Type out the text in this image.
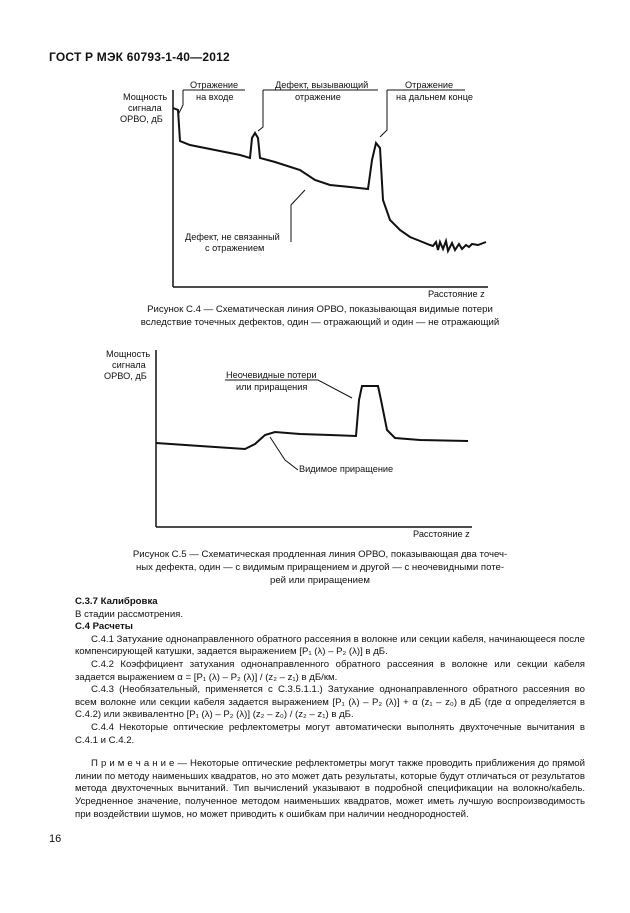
ГОСТ Р МЭК 60793-1-40—2012
Мощность
сигнала
ОРВО, дБ
Отражение
на входе
Дефект, вызывающий
отражение
Отражение
на дальнем конце
Дефект, не связанный
с отражением
Расстояние z
Мощность
сигнала
ОРВО, дБ	Неочевидные потери
или приращения
Видимое приращение
Расстояние z
Рисунок С.4 — Схематическая линия ОРВО, показывающая видимые потери
вследствие точечных дефектов, один — отражающий и один — не отражающий
Рисунок С.5 — Схематическая продленная линия ОРВО, показывающая два точеч-
ных дефекта, один — с видимым приращением и другой — с неочевидными поте-
рей или приращением

С.3.7 Калибровка

В стадии рассмотрения.

С.4 Расчеты

С.4.1 Затухание однонаправленного обратного рассеяния в волокне или секции кабеля, начинающееся после компенсирующей катушки, задается выражением [P₁ (λ) – P₂ (λ)] в дБ.

С.4.2 Коэффициент затухания однонаправленного обратного рассеяния в волокне или секции кабеля задается выражением α = [P₁ (λ) – P₂ (λ)] / (z₂ – z₁) в дБ/км.

С.4.3 (Необязательный, применяется с С.3.5.1.1.) Затухание однонаправленного обратного рассеяния во всем волокне или секции кабеля задается выражением [P₁ (λ) – P₂ (λ)] + α (z₁ – z₀) в дБ (где α определяется в С.4.2) или эквивалентно [P₁ (λ) – P₂ (λ)] (z₂ – z₀) / (z₂ – z₁) в дБ.

С.4.4 Некоторые оптические рефлектометры могут автоматически выполнять двухточечные вычитания в С.4.1 и С.4.2.

П р и м е ч а н и е — Некоторые оптические рефлектометры могут также проводить приближения до прямой линии по методу наименьших квадратов, но это может дать результаты, которые будут отличаться от результатов метода двухточечных вычитаний. Тип вычислений указывают в подробной спецификации на волокно/кабель. Усредненное значение, полученное методом наименьших квадратов, может иметь лучшую воспроизводимость при воздействии шумов, но может приводить к ошибкам при наличии неоднородностей.

16
